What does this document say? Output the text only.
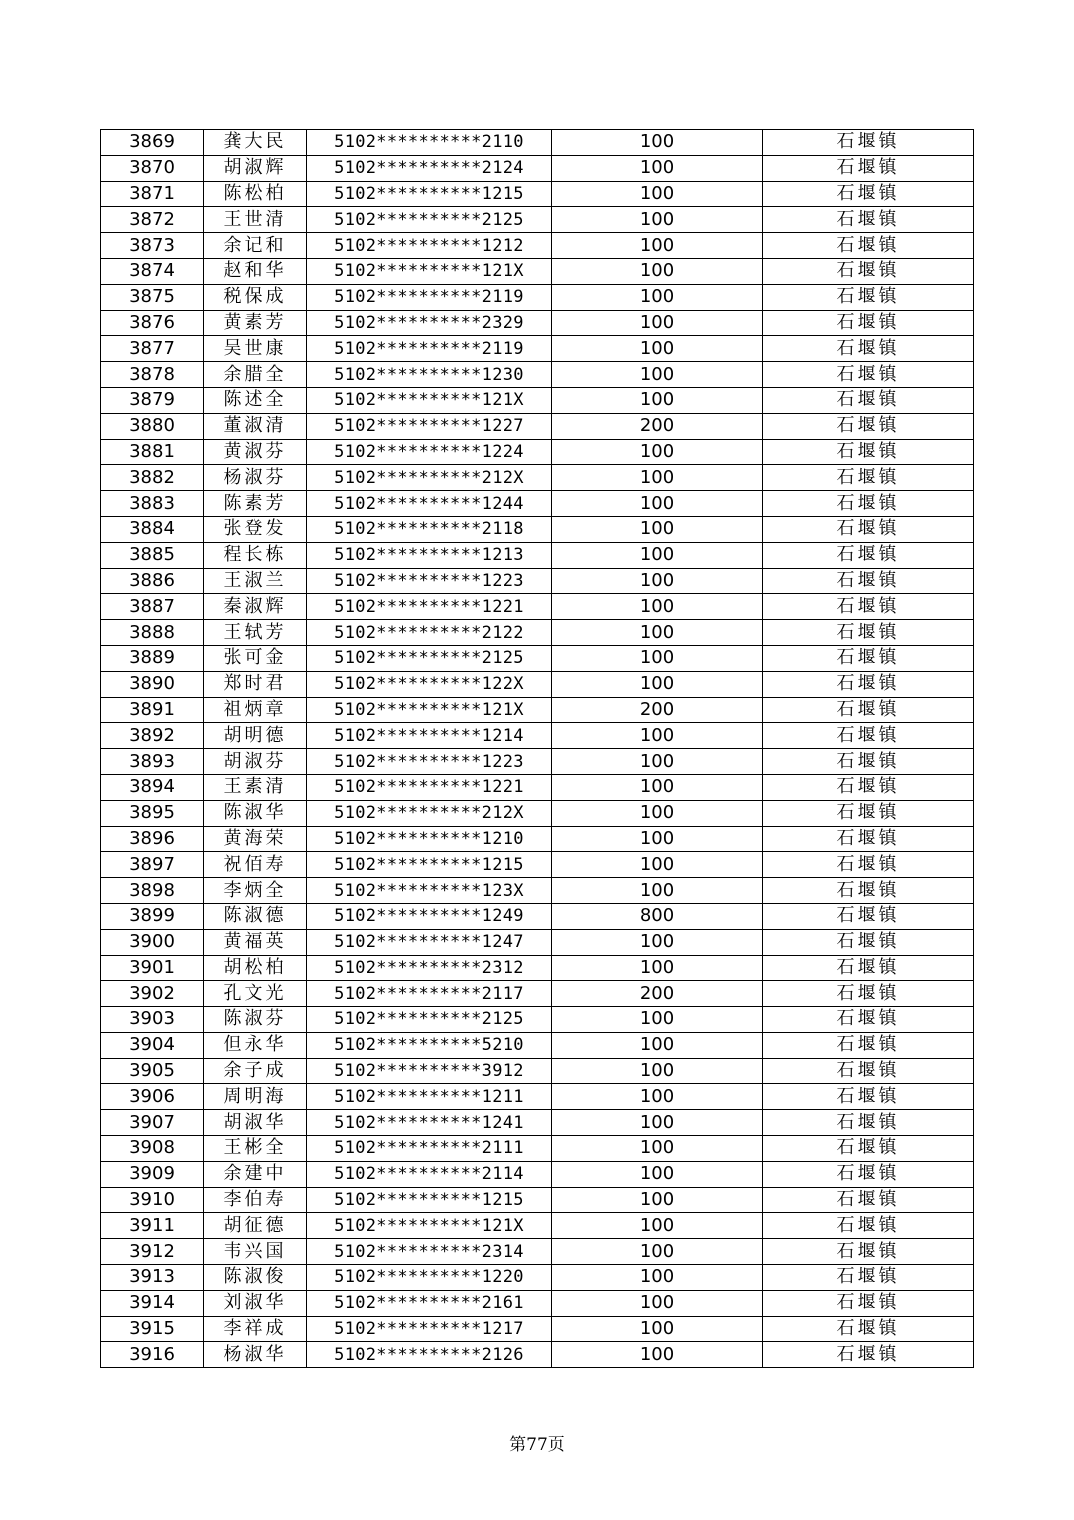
3869	龚大民	5102**********2110	100	石堰镇
3870	胡淑辉	5102**********2124	100	石堰镇
3871	陈松柏	5102**********1215	100	石堰镇
3872	王世清	5102**********2125	100	石堰镇
3873	余记和	5102**********1212	100	石堰镇
3874	赵和华	5102**********121X	100	石堰镇
3875	税保成	5102**********2119	100	石堰镇
3876	黄素芳	5102**********2329	100	石堰镇
3877	吴世康	5102**********2119	100	石堰镇
3878	余腊全	5102**********1230	100	石堰镇
3879	陈述全	5102**********121X	100	石堰镇
3880	董淑清	5102**********1227	200	石堰镇
3881	黄淑芬	5102**********1224	100	石堰镇
3882	杨淑芬	5102**********212X	100	石堰镇
3883	陈素芳	5102**********1244	100	石堰镇
3884	张登发	5102**********2118	100	石堰镇
3885	程长栋	5102**********1213	100	石堰镇
3886	王淑兰	5102**********1223	100	石堰镇
3887	秦淑辉	5102**********1221	100	石堰镇
3888	王轼芳	5102**********2122	100	石堰镇
3889	张可金	5102**********2125	100	石堰镇
3890	郑时君	5102**********122X	100	石堰镇
3891	祖炳章	5102**********121X	200	石堰镇
3892	胡明德	5102**********1214	100	石堰镇
3893	胡淑芬	5102**********1223	100	石堰镇
3894	王素清	5102**********1221	100	石堰镇
3895	陈淑华	5102**********212X	100	石堰镇
3896	黄海荣	5102**********1210	100	石堰镇
3897	祝佰寿	5102**********1215	100	石堰镇
3898	李炳全	5102**********123X	100	石堰镇
3899	陈淑德	5102**********1249	800	石堰镇
3900	黄福英	5102**********1247	100	石堰镇
3901	胡松柏	5102**********2312	100	石堰镇
3902	孔文光	5102**********2117	200	石堰镇
3903	陈淑芬	5102**********2125	100	石堰镇
3904	但永华	5102**********5210	100	石堰镇
3905	余子成	5102**********3912	100	石堰镇
3906	周明海	5102**********1211	100	石堰镇
3907	胡淑华	5102**********1241	100	石堰镇
3908	王彬全	5102**********2111	100	石堰镇
3909	余建中	5102**********2114	100	石堰镇
3910	李伯寿	5102**********1215	100	石堰镇
3911	胡征德	5102**********121X	100	石堰镇
3912	韦兴国	5102**********2314	100	石堰镇
3913	陈淑俊	5102**********1220	100	石堰镇
3914	刘淑华	5102**********2161	100	石堰镇
3915	李祥成	5102**********1217	100	石堰镇
3916	杨淑华	5102**********2126	100	石堰镇
第77页
